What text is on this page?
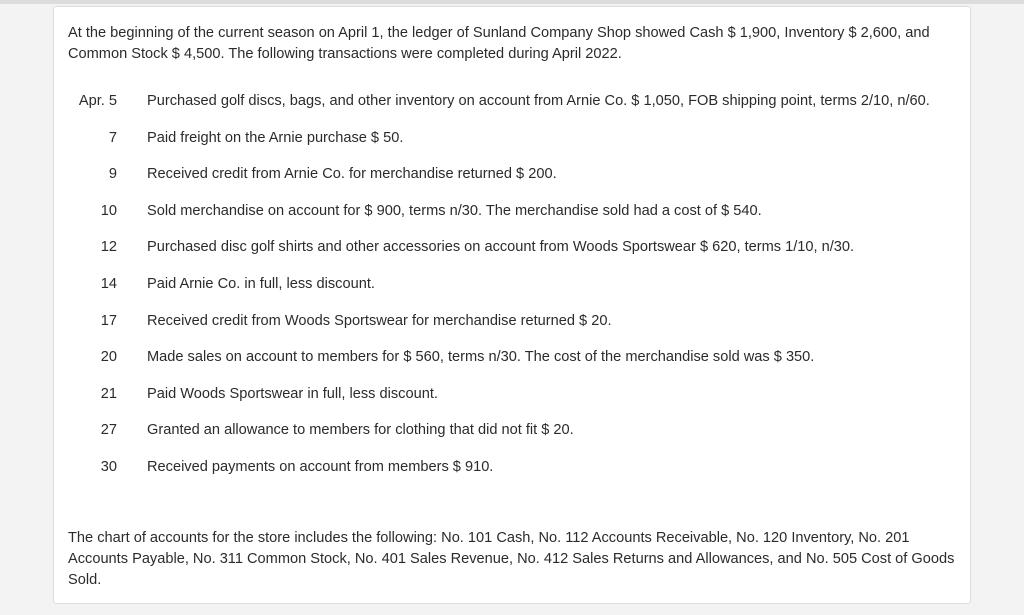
At the beginning of the current season on April 1, the ledger of Sunland Company Shop showed Cash $ 1,900, Inventory $ 2,600, and Common Stock $ 4,500. The following transactions were completed during April 2022.

Apr. 5 Purchased golf discs, bags, and other inventory on account from Arnie Co. $ 1,050, FOB shipping point, terms 2/10, n/60.
7 Paid freight on the Arnie purchase $ 50.
9 Received credit from Arnie Co. for merchandise returned $ 200.
10 Sold merchandise on account for $ 900, terms n/30. The merchandise sold had a cost of $ 540.
12 Purchased disc golf shirts and other accessories on account from Woods Sportswear $ 620, terms 1/10, n/30.
14 Paid Arnie Co. in full, less discount.
17 Received credit from Woods Sportswear for merchandise returned $ 20.
20 Made sales on account to members for $ 560, terms n/30. The cost of the merchandise sold was $ 350.
21 Paid Woods Sportswear in full, less discount.
27 Granted an allowance to members for clothing that did not fit $ 20.
30 Received payments on account from members $ 910.

The chart of accounts for the store includes the following: No. 101 Cash, No. 112 Accounts Receivable, No. 120 Inventory, No. 201 Accounts Payable, No. 311 Common Stock, No. 401 Sales Revenue, No. 412 Sales Returns and Allowances, and No. 505 Cost of Goods Sold.
